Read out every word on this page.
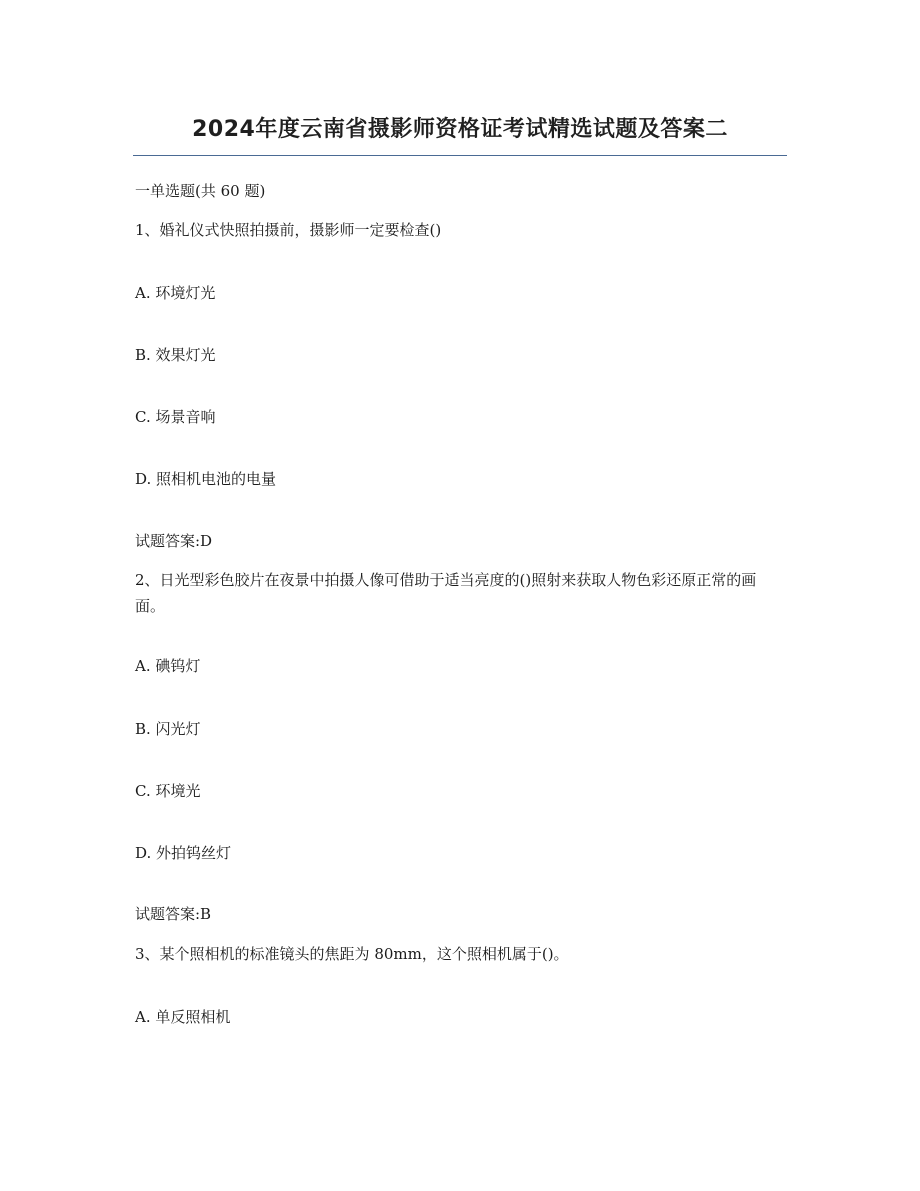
2024年度云南省摄影师资格证考试精选试题及答案二
一单选题(共 60 题)
1、婚礼仪式快照拍摄前，摄影师一定要检查()
A. 环境灯光
B. 效果灯光
C. 场景音响
D. 照相机电池的电量
试题答案:D
2、日光型彩色胶片在夜景中拍摄人像可借助于适当亮度的()照射来获取人物色彩还原正常的画面。
A. 碘钨灯
B. 闪光灯
C. 环境光
D. 外拍钨丝灯
试题答案:B
3、某个照相机的标准镜头的焦距为 80mm，这个照相机属于()。
A. 单反照相机
